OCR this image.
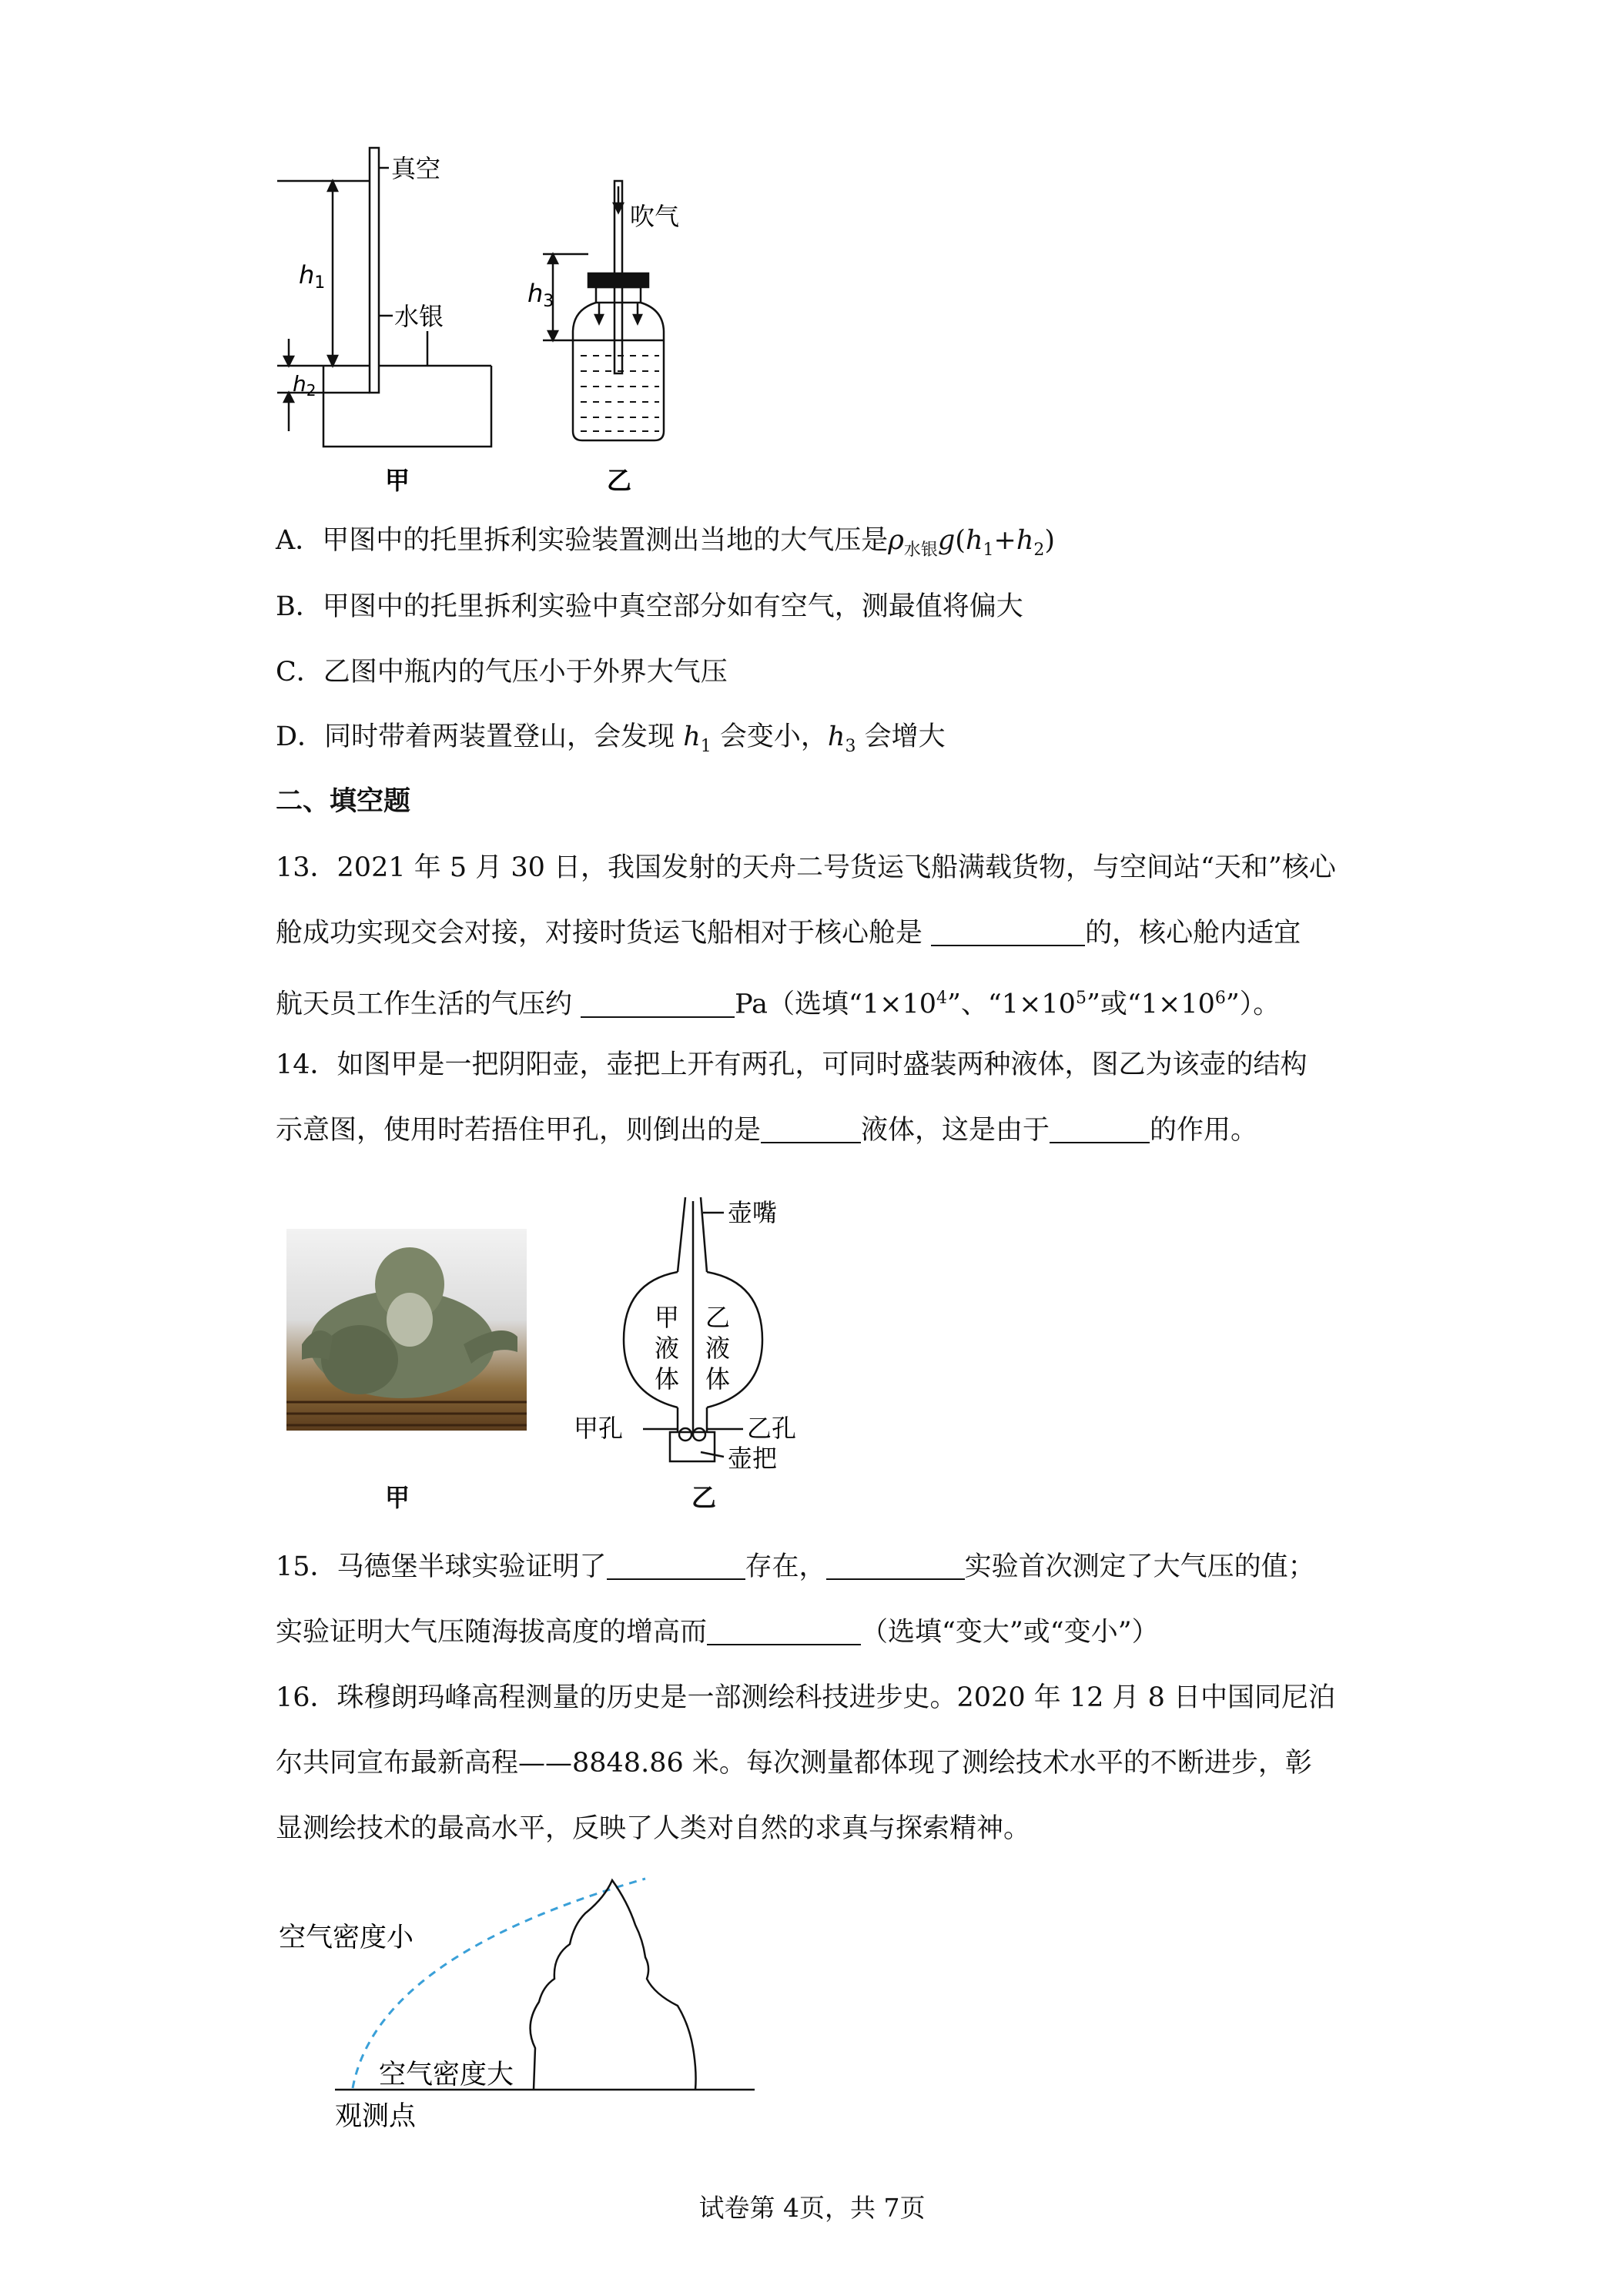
真空
水银
h1
$h_2$
甲
吹气
h3
乙
A．甲图中的托里拆利实验装置测出当地的大气压是$\rho_{水银}g(h_1+h_2)$
B．甲图中的托里拆利实验中真空部分如有空气，测最值将偏大
C．乙图中瓶内的气压小于外界大气压
D．同时带着两装置登山，会发现 $h_1$ 会变小，$h_3$ 会增大
二、填空题
13．2021 年 5 月 30 日，我国发射的天舟二号货运飞船满载货物，与空间站“天和”核心
舱成功实现交会对接，对接时货运飞船相对于核心舱是	的，核心舱内适宜
航天员工作生活的气压约	Pa（选填“$1\times 10^4$”、“$1\times 10^5$”或“$1\times 10^6$”）。
14．如图甲是一把阴阳壶，壶把上开有两孔，可同时盛装两种液体，图乙为该壶的结构
示意图，使用时若捂住甲孔，则倒出的是	液体，这是由于	的作用。
壶嘴
甲
液
体
乙
液
体
甲孔	乙孔
壶把
甲	乙
15．马德堡半球实验证明了	存在，	实验首次测定了大气压的值；
实验证明大气压随海拔高度的增高而	（选填“变大”或“变小”）
16．珠穆朗玛峰高程测量的历史是一部测绘科技进步史。2020 年 12 月 8 日中国同尼泊
尔共同宣布最新高程——8848.86 米。每次测量都体现了测绘技术水平的不断进步，彰
显测绘技术的最高水平，反映了人类对自然的求真与探索精神。
空气密度小
空气密度大
观测点
试卷第 4页，共 7页
